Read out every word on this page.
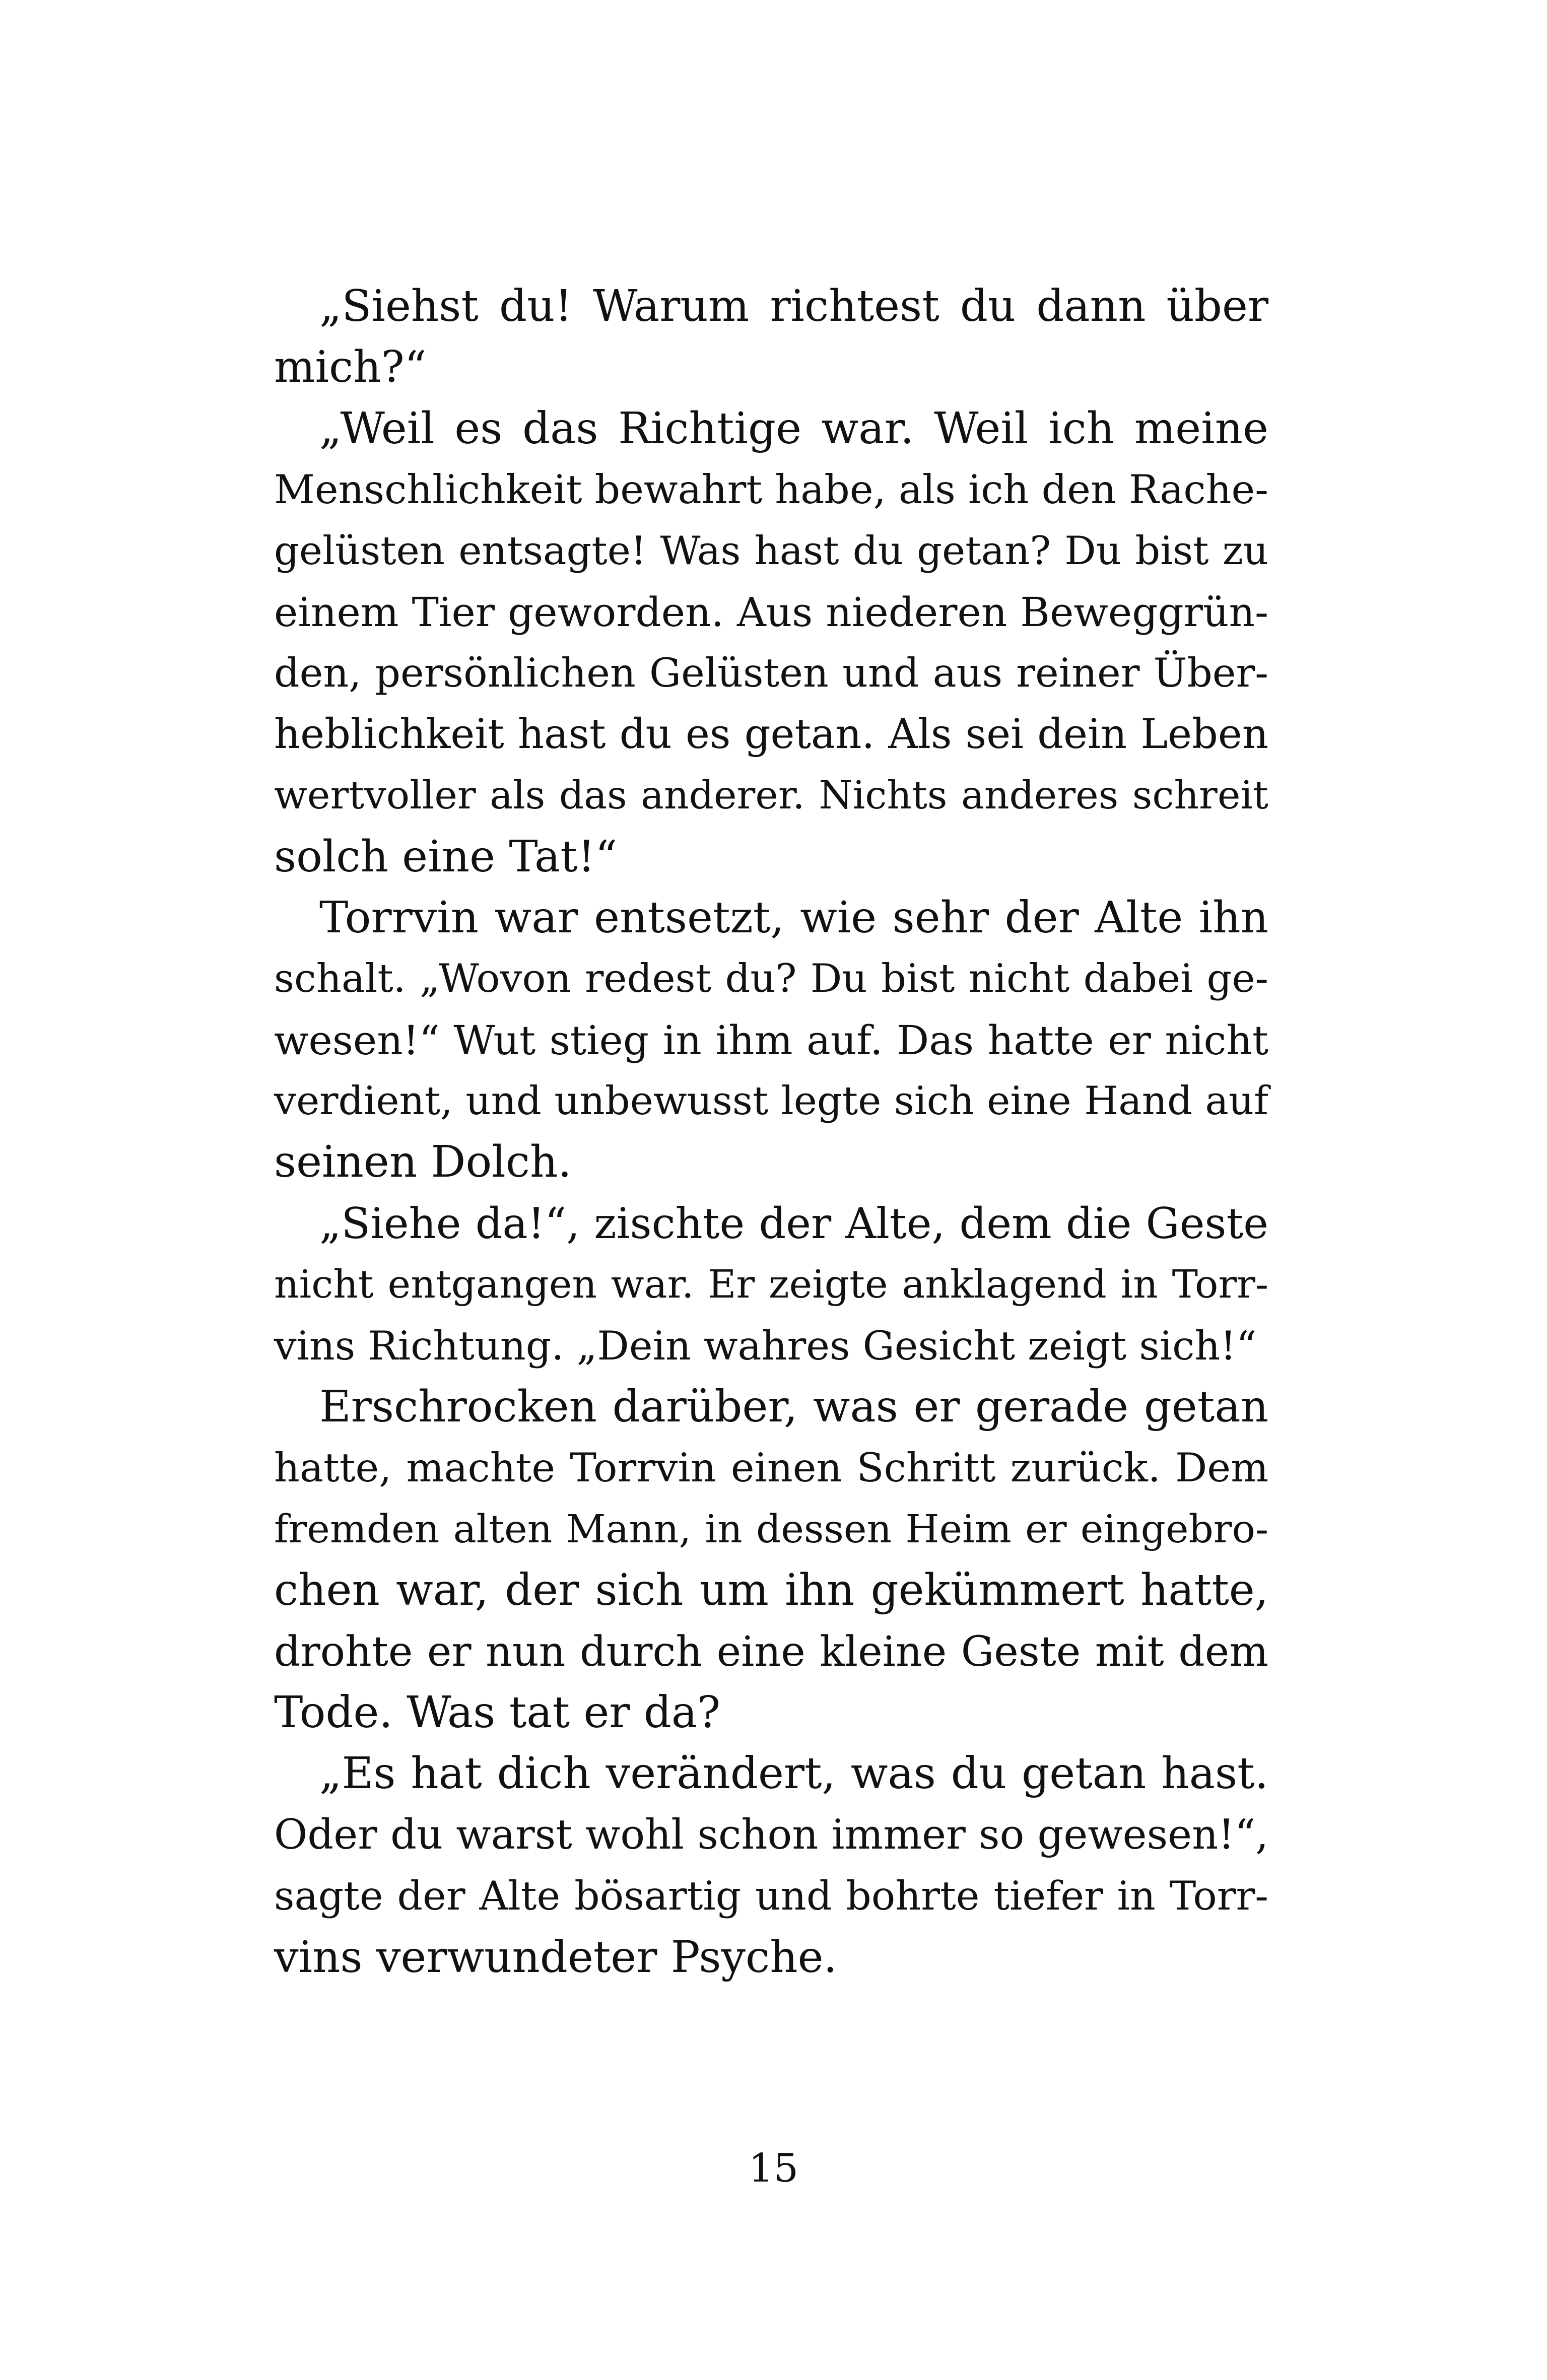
„Siehst du! Warum richtest du dann über
mich?“
„Weil es das Richtige war. Weil ich meine
Menschlichkeit bewahrt habe, als ich den Rache-
gelüsten entsagte! Was hast du getan? Du bist zu
einem Tier geworden. Aus niederen Beweggrün-
den, persönlichen Gelüsten und aus reiner Über-
heblichkeit hast du es getan. Als sei dein Leben
wertvoller als das anderer. Nichts anderes schreit
solch eine Tat!“
Torrvin war entsetzt, wie sehr der Alte ihn
schalt. „Wovon redest du? Du bist nicht dabei ge-
wesen!“ Wut stieg in ihm auf. Das hatte er nicht
verdient, und unbewusst legte sich eine Hand auf
seinen Dolch.
„Siehe da!“, zischte der Alte, dem die Geste
nicht entgangen war. Er zeigte anklagend in Torr-
vins Richtung. „Dein wahres Gesicht zeigt sich!“
Erschrocken darüber, was er gerade getan
hatte, machte Torrvin einen Schritt zurück. Dem
fremden alten Mann, in dessen Heim er eingebro-
chen war, der sich um ihn gekümmert hatte,
drohte er nun durch eine kleine Geste mit dem
Tode. Was tat er da?
„Es hat dich verändert, was du getan hast.
Oder du warst wohl schon immer so gewesen!“,
sagte der Alte bösartig und bohrte tiefer in Torr-
vins verwundeter Psyche.
15
